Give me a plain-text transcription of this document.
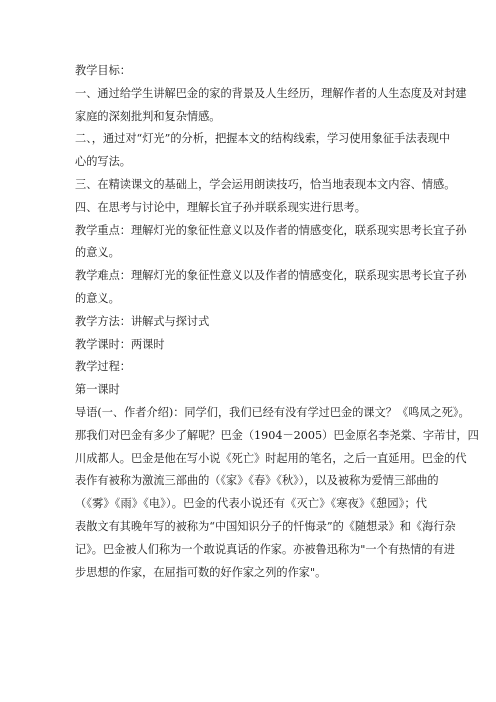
教学目标：

一、通过给学生讲解巴金的家的背景及人生经历，理解作者的人生态度及对封建

家庭的深刻批判和复杂情感。

二、，通过对“灯光”的分析，把握本文的结构线索，学习使用象征手法表现中

心的写法。

三、在精读课文的基础上，学会运用朗读技巧，恰当地表现本文内容、情感。

四、在思考与讨论中，理解长宜子孙并联系现实进行思考。

教学重点：理解灯光的象征性意义以及作者的情感变化，联系现实思考长宜子孙

的意义。

教学难点：理解灯光的象征性意义以及作者的情感变化，联系现实思考长宜子孙

的意义。

教学方法：讲解式与探讨式

教学课时：两课时

教学过程：

第一课时

导语(一、作者介绍)：同学们，我们已经有没有学过巴金的课文？《鸣凤之死》。

那我们对巴金有多少了解呢？巴金（1904－2005）巴金原名李尧棠、字芾甘，四

川成都人。巴金是他在写小说《死亡》时起用的笔名，之后一直延用。巴金的代

表作有被称为激流三部曲的（《家》《春》《秋》），以及被称为爱情三部曲的

（《雾》《雨》《电》）。巴金的代表小说还有《灭亡》《寒夜》《憩园》；代

表散文有其晚年写的被称为“中国知识分子的忏悔录”的《随想录》和《海行杂

记》。巴金被人们称为一个敢说真话的作家。亦被鲁迅称为"一个有热情的有进

步思想的作家，在屈指可数的好作家之列的作家"。
